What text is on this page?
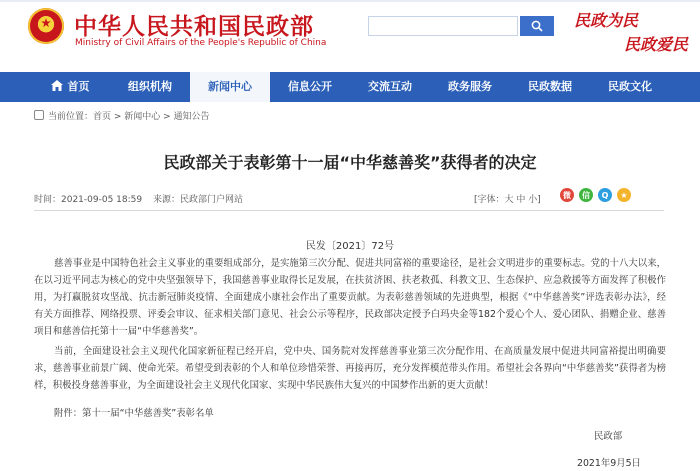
中华人民共和国民政部
Ministry of Civil Affairs of the People's Republic of China
民政为民
民政爱民
首页	组织机构	新闻中心	信息公开	交流互动	政务服务	民政数据	民政文化
当前位置：首页 > 新闻中心 > 通知公告
民政部关于表彰第十一届“中华慈善奖”获得者的决定
时间：2021-09-05 18:59 来源：民政部门户网站	[字体：大 中 小]	微	信	Q	★
民发〔2021〕72号
慈善事业是中国特色社会主义事业的重要组成部分，是实施第三次分配、促进共同富裕的重要途径，是社会文明进步的重要标志。党的十八大以来，在以习近平同志为核心的党中央坚强领导下，我国慈善事业取得长足发展，在扶贫济困、扶老救孤、科教文卫、生态保护、应急救援等方面发挥了积极作用，为打赢脱贫攻坚战、抗击新冠肺炎疫情、全面建成小康社会作出了重要贡献。为表彰慈善领域的先进典型，根据《“中华慈善奖”评选表彰办法》，经有关方面推荐、网络投票、评委会审议、征求相关部门意见、社会公示等程序，民政部决定授予白玛央金等182个爱心个人、爱心团队、捐赠企业、慈善项目和慈善信托第十一届“中华慈善奖”。
当前，全面建设社会主义现代化国家新征程已经开启，党中央、国务院对发挥慈善事业第三次分配作用、在高质量发展中促进共同富裕提出明确要求，慈善事业前景广阔、使命光荣。希望受到表彰的个人和单位珍惜荣誉、再接再厉，充分发挥模范带头作用。希望社会各界向“中华慈善奖”获得者为榜样，积极投身慈善事业，为全面建设社会主义现代化国家、实现中华民族伟大复兴的中国梦作出新的更大贡献！
附件：第十一届“中华慈善奖”表彰名单
民政部
2021年9月5日
